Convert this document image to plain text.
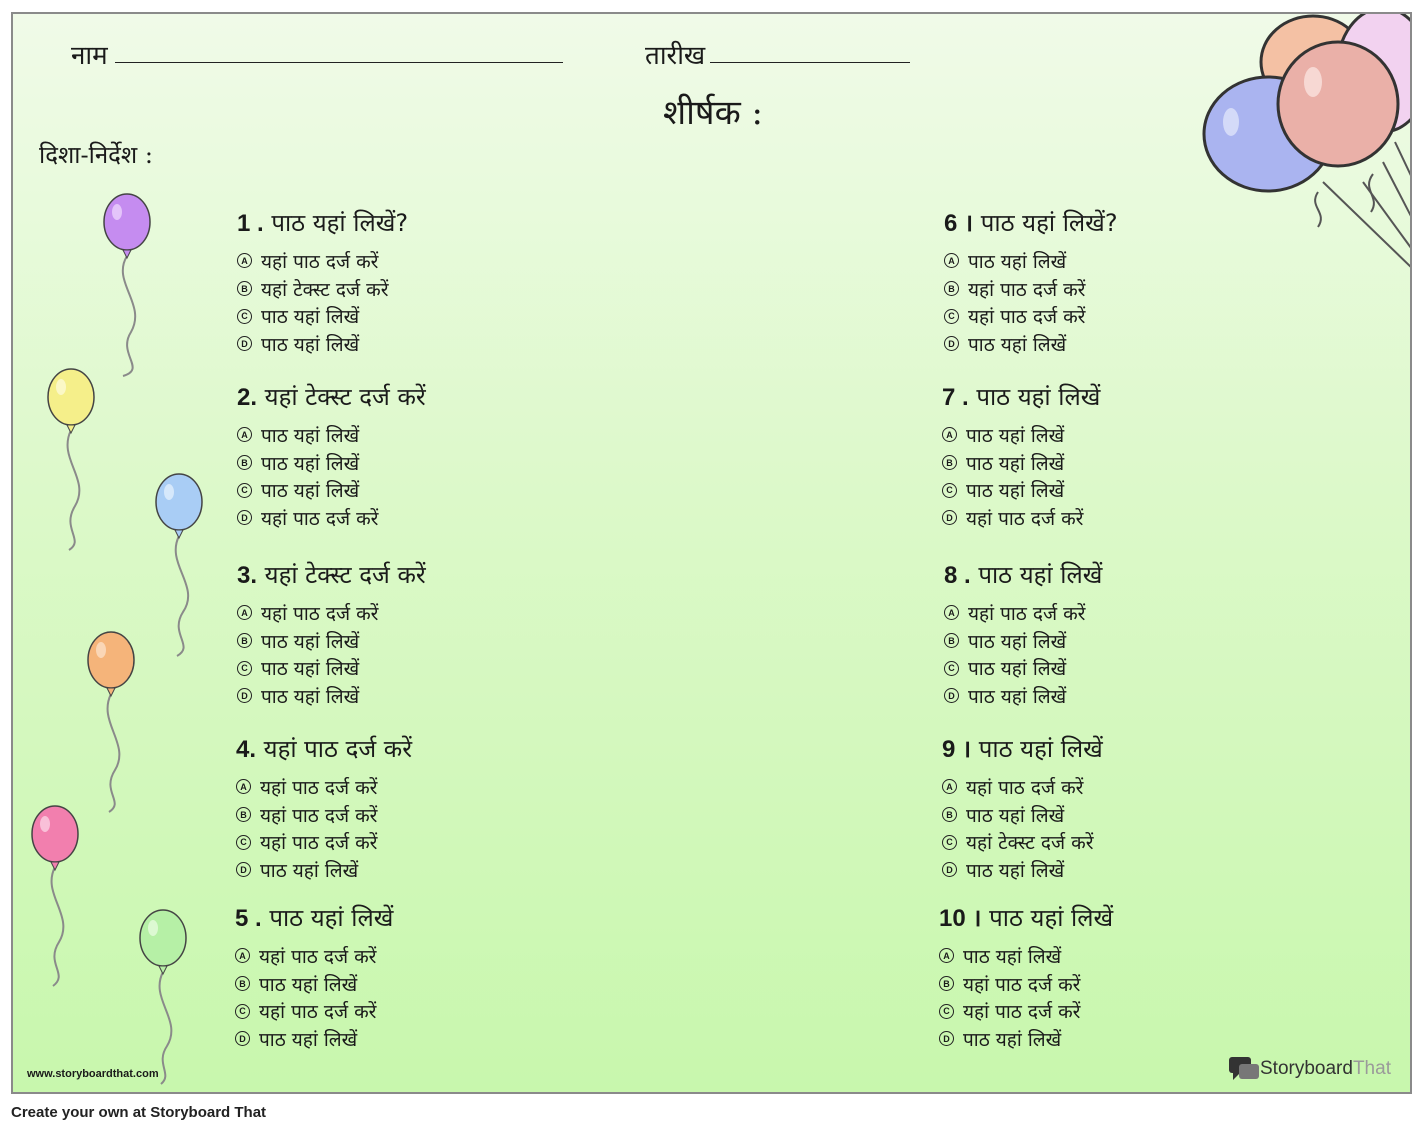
नाम	तारीख
शीर्षक :
दिशा-निर्देश :
1 . पाठ यहां लिखें?
A यहां पाठ दर्ज करें
B यहां टेक्स्ट दर्ज करें
C पाठ यहां लिखें
D पाठ यहां लिखें
2. यहां टेक्स्ट दर्ज करें
A पाठ यहां लिखें
B पाठ यहां लिखें
C पाठ यहां लिखें
D यहां पाठ दर्ज करें
3. यहां टेक्स्ट दर्ज करें
A यहां पाठ दर्ज करें
B पाठ यहां लिखें
C पाठ यहां लिखें
D पाठ यहां लिखें
4. यहां पाठ दर्ज करें
A यहां पाठ दर्ज करें
B यहां पाठ दर्ज करें
C यहां पाठ दर्ज करें
D पाठ यहां लिखें
5 . पाठ यहां लिखें
A यहां पाठ दर्ज करें
B पाठ यहां लिखें
C यहां पाठ दर्ज करें
D पाठ यहां लिखें
6 । पाठ यहां लिखें?
A पाठ यहां लिखें
B यहां पाठ दर्ज करें
C यहां पाठ दर्ज करें
D पाठ यहां लिखें
7 . पाठ यहां लिखें
A पाठ यहां लिखें
B पाठ यहां लिखें
C पाठ यहां लिखें
D यहां पाठ दर्ज करें
8 . पाठ यहां लिखें
A यहां पाठ दर्ज करें
B पाठ यहां लिखें
C पाठ यहां लिखें
D पाठ यहां लिखें
9 । पाठ यहां लिखें
A यहां पाठ दर्ज करें
B पाठ यहां लिखें
C यहां टेक्स्ट दर्ज करें
D पाठ यहां लिखें
10 । पाठ यहां लिखें
A पाठ यहां लिखें
B यहां पाठ दर्ज करें
C यहां पाठ दर्ज करें
D पाठ यहां लिखें
www.storyboardthat.com	Storyboard That
Create your own at Storyboard That
